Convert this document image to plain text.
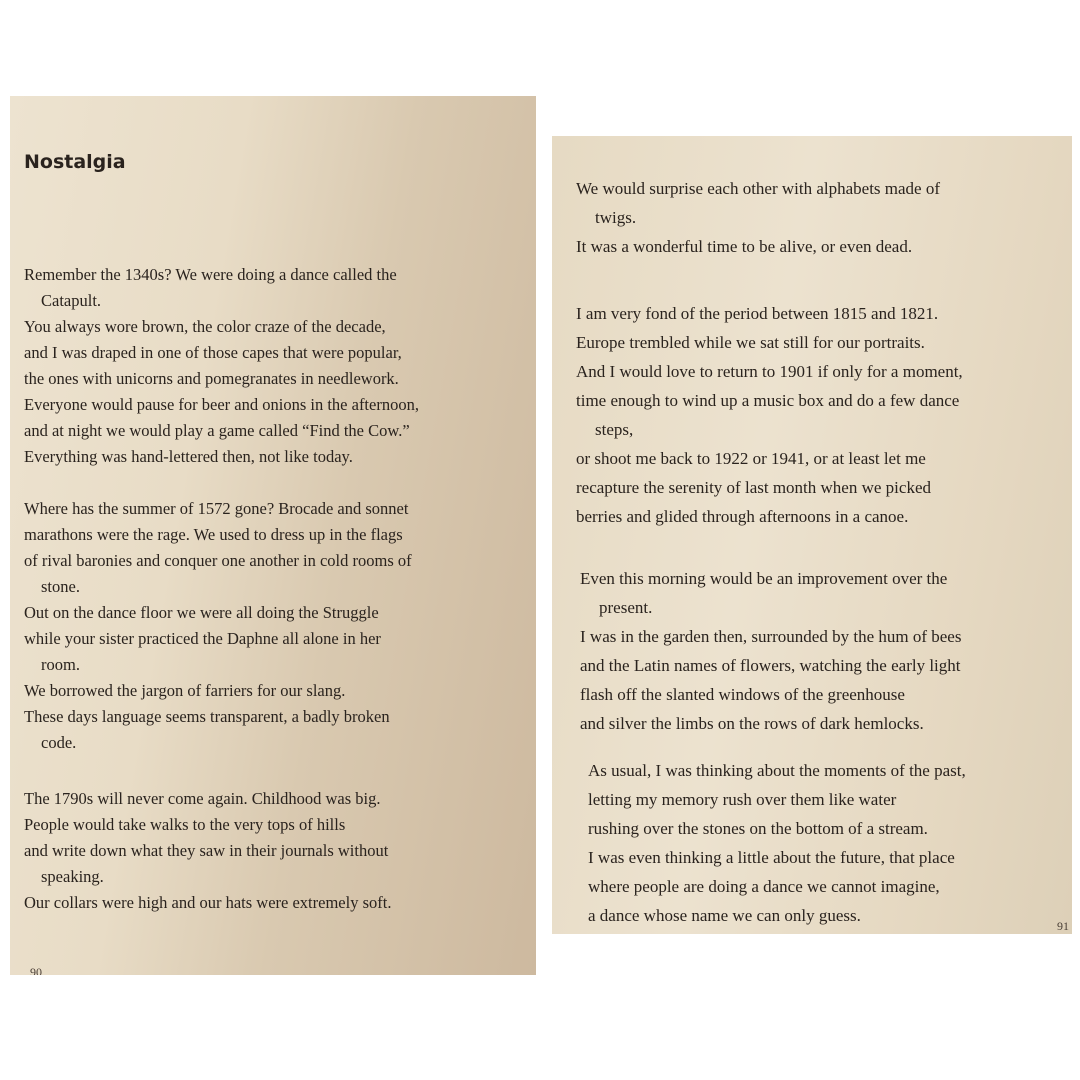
Nostalgia
Remember the 1340s? We were doing a dance called the
Catapult.
You always wore brown, the color craze of the decade,
and I was draped in one of those capes that were popular,
the ones with unicorns and pomegranates in needlework.
Everyone would pause for beer and onions in the afternoon,
and at night we would play a game called “Find the Cow.”
Everything was hand-lettered then, not like today.
Where has the summer of 1572 gone? Brocade and sonnet
marathons were the rage. We used to dress up in the flags
of rival baronies and conquer one another in cold rooms of
stone.
Out on the dance floor we were all doing the Struggle
while your sister practiced the Daphne all alone in her
room.
We borrowed the jargon of farriers for our slang.
These days language seems transparent, a badly broken
code.
The 1790s will never come again. Childhood was big.
People would take walks to the very tops of hills
and write down what they saw in their journals without
speaking.
Our collars were high and our hats were extremely soft.
90
We would surprise each other with alphabets made of
twigs.
It was a wonderful time to be alive, or even dead.
I am very fond of the period between 1815 and 1821.
Europe trembled while we sat still for our portraits.
And I would love to return to 1901 if only for a moment,
time enough to wind up a music box and do a few dance
steps,
or shoot me back to 1922 or 1941, or at least let me
recapture the serenity of last month when we picked
berries and glided through afternoons in a canoe.
Even this morning would be an improvement over the
present.
I was in the garden then, surrounded by the hum of bees
and the Latin names of flowers, watching the early light
flash off the slanted windows of the greenhouse
and silver the limbs on the rows of dark hemlocks.
As usual, I was thinking about the moments of the past,
letting my memory rush over them like water
rushing over the stones on the bottom of a stream.
I was even thinking a little about the future, that place
where people are doing a dance we cannot imagine,
a dance whose name we can only guess.
91
